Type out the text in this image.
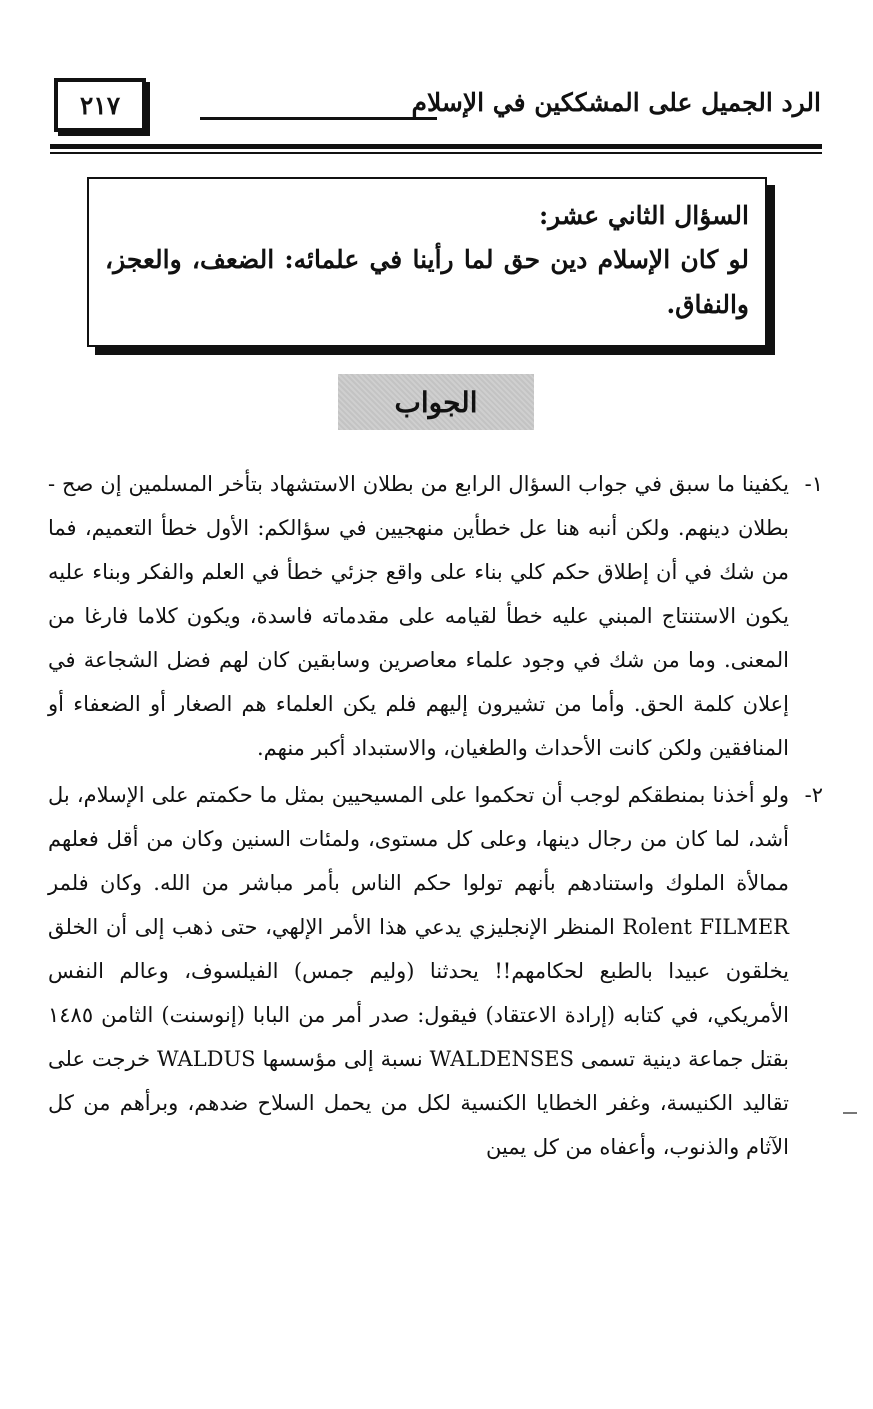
الرد الجميل على المشككين في الإسلام
٢١٧
السؤال الثاني عشر:
لو كان الإسلام دين حق لما رأينا في علمائه: الضعف، والعجز، والنفاق.
الجواب
١-
يكفينا ما سبق في جواب السؤال الرابع من بطلان الاستشهاد بتأخر المسلمين إن صح - بطلان دينهم. ولكن أنبه هنا عل خطأين منهجيين في سؤالكم: الأول خطأ التعميم، فما من شك في أن إطلاق حكم كلي بناء على واقع جزئي خطأ في العلم والفكر وبناء عليه يكون الاستنتاج المبني عليه خطأ لقيامه على مقدماته فاسدة، ويكون كلاما فارغا من المعنى. وما من شك في وجود علماء معاصرين وسابقين كان لهم فضل الشجاعة في إعلان كلمة الحق. وأما من تشيرون إليهم فلم يكن العلماء هم الصغار أو الضعفاء أو المنافقين ولكن كانت الأحداث والطغيان، والاستبداد أكبر منهم.
٢-
ولو أخذنا بمنطقكم لوجب أن تحكموا على المسيحيين بمثل ما حكمتم على الإسلام، بل أشد، لما كان من رجال دينها، وعلى كل مستوى، ولمئات السنين وكان من أقل فعلهم ممالأة الملوك واستنادهم بأنهم تولوا حكم الناس بأمر مباشر من الله. وكان فلمر Rolent FILMER المنظر الإنجليزي يدعي هذا الأمر الإلهي، حتى ذهب إلى أن الخلق يخلقون عبيدا بالطبع لحكامهم!! يحدثنا (وليم جمس) الفيلسوف، وعالم النفس الأمريكي، في كتابه (إرادة الاعتقاد) فيقول: صدر أمر من البابا (إنوسنت) الثامن ١٤٨٥ بقتل جماعة دينية تسمى WALDENSES نسبة إلى مؤسسها WALDUS خرجت على تقاليد الكنيسة، وغفر الخطايا الكنسية لكل من يحمل السلاح ضدهم، وبرأهم من كل الآثام والذنوب، وأعفاه من كل يمين
